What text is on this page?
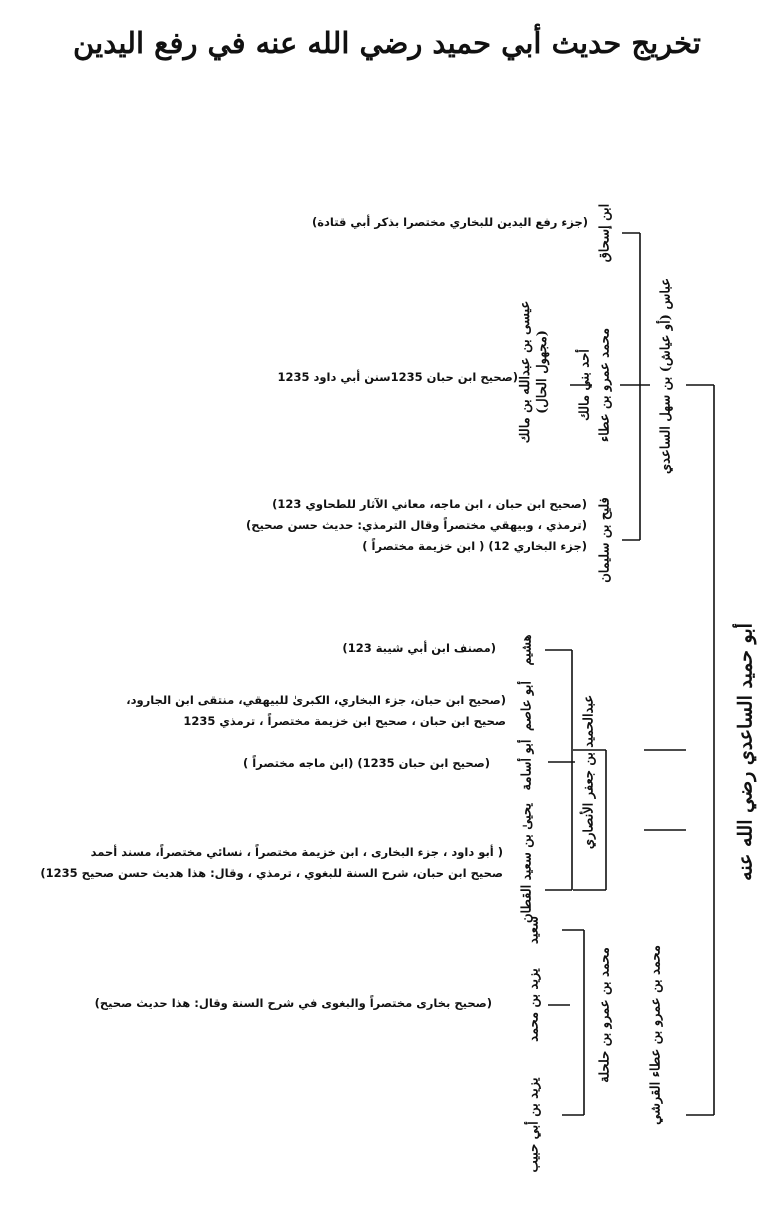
تخريج حديث أبي حميد رضي الله عنه في رفع اليدين
أبو حميد الساعدي رضي الله عنه
عباس (أو عياش) بن سهل الساعدي
عبدالحميد بن جعفر الأنصاري
محمد بن عمرو بن عطاء القرشي
ابن إسحاق
محمد عمرو بن عطاء
أحد بني مالك
عيسى بن عبدالله بن مالك (مجهول الحال)
فليح بن سليمان
هشيم
أبو عاصم
أبو أسامة
يحيىٰ بن سعيد القطان
محمد بن عمرو بن حلحلة
سعيد
يزيد بن محمد
يزيد بن أبي حبيب
(جزء رفع اليدين للبخاري مختصرا بذكر أبي قتادة)
(صحيح ابن حبان 1235سنن أبي داود 1235
(صحيح ابن حبان ، ابن ماجه، معاني الآثار للطحاوي 123)
(ترمذي ، وبيهقي مختصراً وقال الترمذي: حديث حسن صحيح)
(جزء البخاري 12) ( ابن خزيمة مختصراً )
(مصنف ابن أبي شيبة 123)
(صحيح ابن حبان، جزء البخاري، الكبرىٰ للبيهقي، منتقى ابن الجارود،
صحيح ابن حبان ، صحيح ابن خزيمة مختصراً ، ترمذي 1235
(صحيح ابن حبان 1235) (ابن ماجه مختصراً )
( أبو داود ، جزء البخارى ، ابن خزيمة مختصراً ، نسائي مختصراً، مسند أحمد
صحيح ابن حبان، شرح السنة للبغوي ، ترمذي ، وقال: هذا هديث حسن صحيح 1235)
(صحيح بخارى مختصراً والبغوى في شرح السنة وقال: هذا حديث صحيح)
